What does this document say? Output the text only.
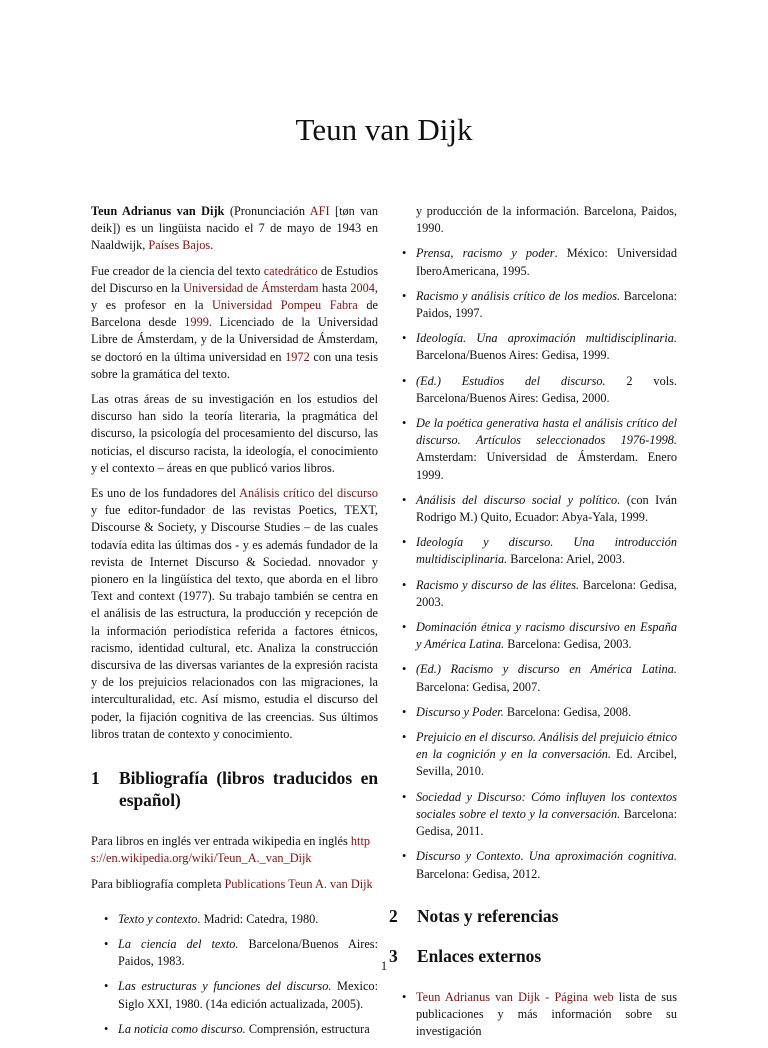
Teun van Dijk

Teun Adrianus van Dijk (Pronunciación AFI [tøn van deik]) es un lingüista nacido el 7 de mayo de 1943 en Naaldwijk, Países Bajos.

Fue creador de la ciencia del texto catedrático de Estudios del Discurso en la Universidad de Ámsterdam hasta 2004, y es profesor en la Universidad Pompeu Fabra de Barcelona desde 1999. Licenciado de la Universidad Libre de Ámsterdam, y de la Universidad de Ámsterdam, se doctoró en la última universidad en 1972 con una tesis sobre la gramática del texto.

Las otras áreas de su investigación en los estudios del discurso han sido la teoría literaria, la pragmática del discurso, la psicología del procesamiento del discurso, las noticias, el discurso racista, la ideología, el conocimiento y el contexto – áreas en que publicó varios libros.

Es uno de los fundadores del Análisis crítico del discurso y fue editor-fundador de las revistas Poetics, TEXT, Discourse & Society, y Discourse Studies – de las cuales todavía edita las últimas dos - y es además fundador de la revista de Internet Discurso & Sociedad. nnovador y pionero en la lingüística del texto, que aborda en el libro Text and context (1977). Su trabajo también se centra en el análisis de las estructura, la producción y recepción de la información periodística referida a factores étnicos, racismo, identidad cultural, etc. Analiza la construcción discursiva de las diversas variantes de la expresión racista y de los prejuicios relacionados con las migraciones, la interculturalidad, etc. Así mismo, estudia el discurso del poder, la fijación cognitiva de las creencias. Sus últimos libros tratan de contexto y conocimiento.

1	Bibliografía (libros traducidos en español)

Para libros en inglés ver entrada wikipedia en inglés https://en.wikipedia.org/wiki/Teun_A._van_Dijk

Para bibliografía completa Publications Teun A. van Dijk

• Texto y contexto. Madrid: Catedra, 1980.
• La ciencia del texto. Barcelona/Buenos Aires: Paidos, 1983.
• Las estructuras y funciones del discurso. Mexico: Siglo XXI, 1980. (14a edición actualizada, 2005).
• La noticia como discurso. Comprensión, estructura
y producción de la información. Barcelona, Paidos, 1990.
• Prensa, racismo y poder. México: Universidad IberoAmericana, 1995.
• Racismo y análisis crítico de los medios. Barcelona: Paidos, 1997.
• Ideología. Una aproximación multidisciplinaria. Barcelona/Buenos Aires: Gedisa, 1999.
• (Ed.) Estudios del discurso. 2 vols. Barcelona/Buenos Aires: Gedisa, 2000.
• De la poética generativa hasta el análisis crítico del discurso. Artículos seleccionados 1976-1998. Amsterdam: Universidad de Ámsterdam. Enero 1999.
• Análisis del discurso social y político. (con Iván Rodrigo M.) Quito, Ecuador: Abya-Yala, 1999.
• Ideología y discurso. Una introducción multidisciplinaria. Barcelona: Ariel, 2003.
• Racismo y discurso de las élites. Barcelona: Gedisa, 2003.
• Dominación étnica y racismo discursivo en España y América Latina. Barcelona: Gedisa, 2003.
• (Ed.) Racismo y discurso en América Latina. Barcelona: Gedisa, 2007.
• Discurso y Poder. Barcelona: Gedisa, 2008.
• Prejuicio en el discurso. Análisis del prejuicio étnico en la cognición y en la conversación. Ed. Arcibel, Sevilla, 2010.
• Sociedad y Discurso: Cómo influyen los contextos sociales sobre el texto y la conversación. Barcelona: Gedisa, 2011.
• Discurso y Contexto. Una aproximación cognitiva. Barcelona: Gedisa, 2012.
2	Notas y referencias
3	Enlaces externos
• Teun Adrianus van Dijk - Página web lista de sus publicaciones y más información sobre su investigación
1
